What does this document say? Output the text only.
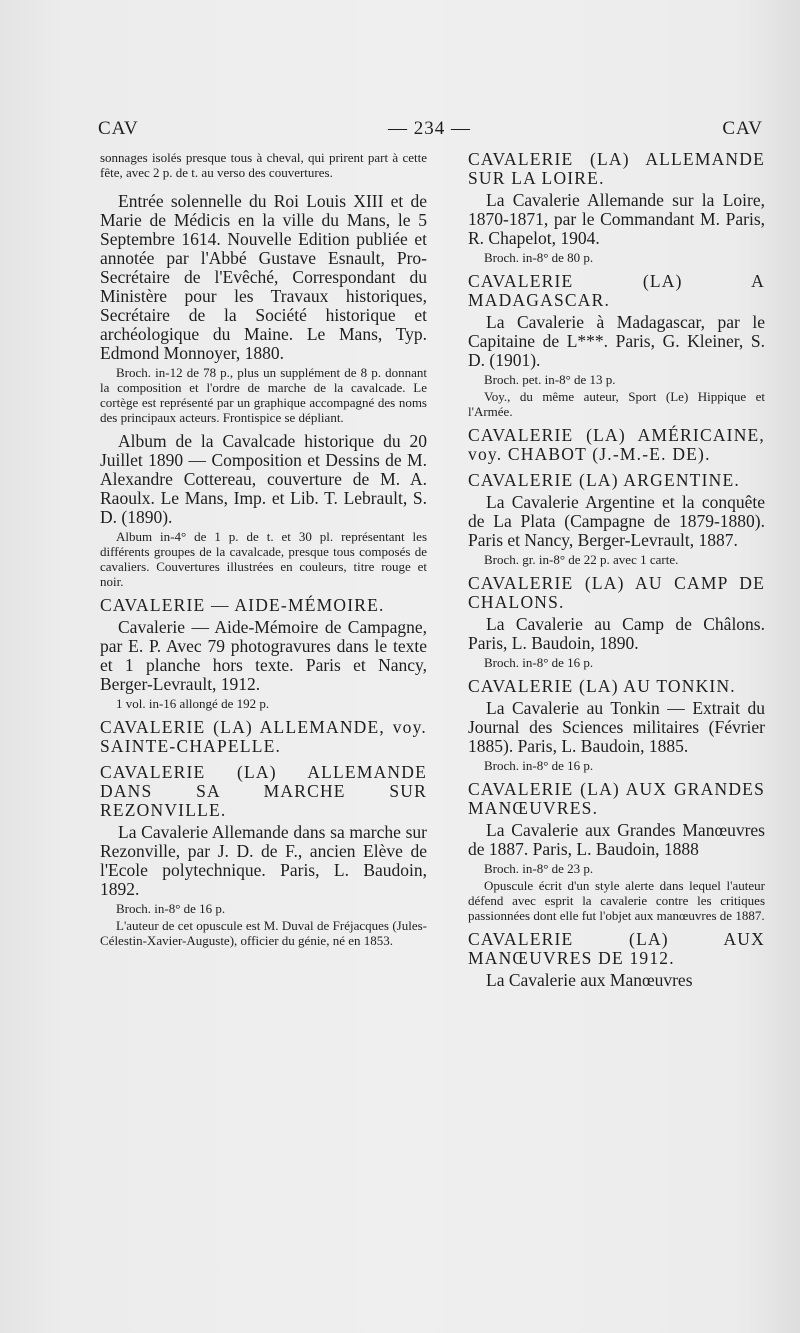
CAV	— 234 —	CAV
sonnages isolés presque tous à cheval, qui prirent part à cette fête, avec 2 p. de t. au verso des couvertures.
Entrée solennelle du Roi Louis XIII et de Marie de Médicis en la ville du Mans, le 5 Septembre 1614. Nouvelle Edition publiée et annotée par l'Abbé Gustave Esnault, Pro-Secrétaire de l'Evêché, Correspondant du Ministère pour les Travaux historiques, Secrétaire de la Société historique et archéologique du Maine. Le Mans, Typ. Edmond Monnoyer, 1880.
Broch. in-12 de 78 p., plus un supplément de 8 p. donnant la composition et l'ordre de marche de la cavalcade. Le cortège est représenté par un graphique accompagné des noms des principaux acteurs. Frontispice se dépliant.
Album de la Cavalcade historique du 20 Juillet 1890 — Composition et Dessins de M. Alexandre Cottereau, couverture de M. A. Raoulx. Le Mans, Imp. et Lib. T. Lebrault, S. D. (1890).
Album in-4° de 1 p. de t. et 30 pl. représentant les différents groupes de la cavalcade, presque tous composés de cavaliers. Couvertures illustrées en couleurs, titre rouge et noir.
CAVALERIE — AIDE-MÉMOIRE.
Cavalerie — Aide-Mémoire de Campagne, par E. P. Avec 79 photogravures dans le texte et 1 planche hors texte. Paris et Nancy, Berger-Levrault, 1912.
1 vol. in-16 allongé de 192 p.
CAVALERIE (LA) ALLEMANDE, voy. SAINTE-CHAPELLE.
CAVALERIE (LA) ALLEMANDE DANS SA MARCHE SUR REZONVILLE.
La Cavalerie Allemande dans sa marche sur Rezonville, par J. D. de F., ancien Elève de l'Ecole polytechnique. Paris, L. Baudoin, 1892.
Broch. in-8° de 16 p.
L'auteur de cet opuscule est M. Duval de Fréjacques (Jules-Célestin-Xavier-Auguste), officier du génie, né en 1853.
CAVALERIE (LA) ALLEMANDE SUR LA LOIRE.
La Cavalerie Allemande sur la Loire, 1870-1871, par le Commandant M. Paris, R. Chapelot, 1904.
Broch. in-8° de 80 p.
CAVALERIE (LA) A MADAGASCAR.
La Cavalerie à Madagascar, par le Capitaine de L***. Paris, G. Kleiner, S. D. (1901).
Broch. pet. in-8° de 13 p.
Voy., du même auteur, Sport (Le) Hippique et l'Armée.
CAVALERIE (LA) AMÉRICAINE, voy. CHABOT (J.-M.-E. DE).
CAVALERIE (LA) ARGENTINE.
La Cavalerie Argentine et la conquête de La Plata (Campagne de 1879-1880). Paris et Nancy, Berger-Levrault, 1887.
Broch. gr. in-8° de 22 p. avec 1 carte.
CAVALERIE (LA) AU CAMP DE CHALONS.
La Cavalerie au Camp de Châlons. Paris, L. Baudoin, 1890.
Broch. in-8° de 16 p.
CAVALERIE (LA) AU TONKIN.
La Cavalerie au Tonkin — Extrait du Journal des Sciences militaires (Février 1885). Paris, L. Baudoin, 1885.
Broch. in-8° de 16 p.
CAVALERIE (LA) AUX GRANDES MANŒUVRES.
La Cavalerie aux Grandes Manœuvres de 1887. Paris, L. Baudoin, 1888
Broch. in-8° de 23 p.
Opuscule écrit d'un style alerte dans lequel l'auteur défend avec esprit la cavalerie contre les critiques passionnées dont elle fut l'objet aux manœuvres de 1887.
CAVALERIE (LA) AUX MANŒUVRES DE 1912.
La Cavalerie aux Manœuvres
